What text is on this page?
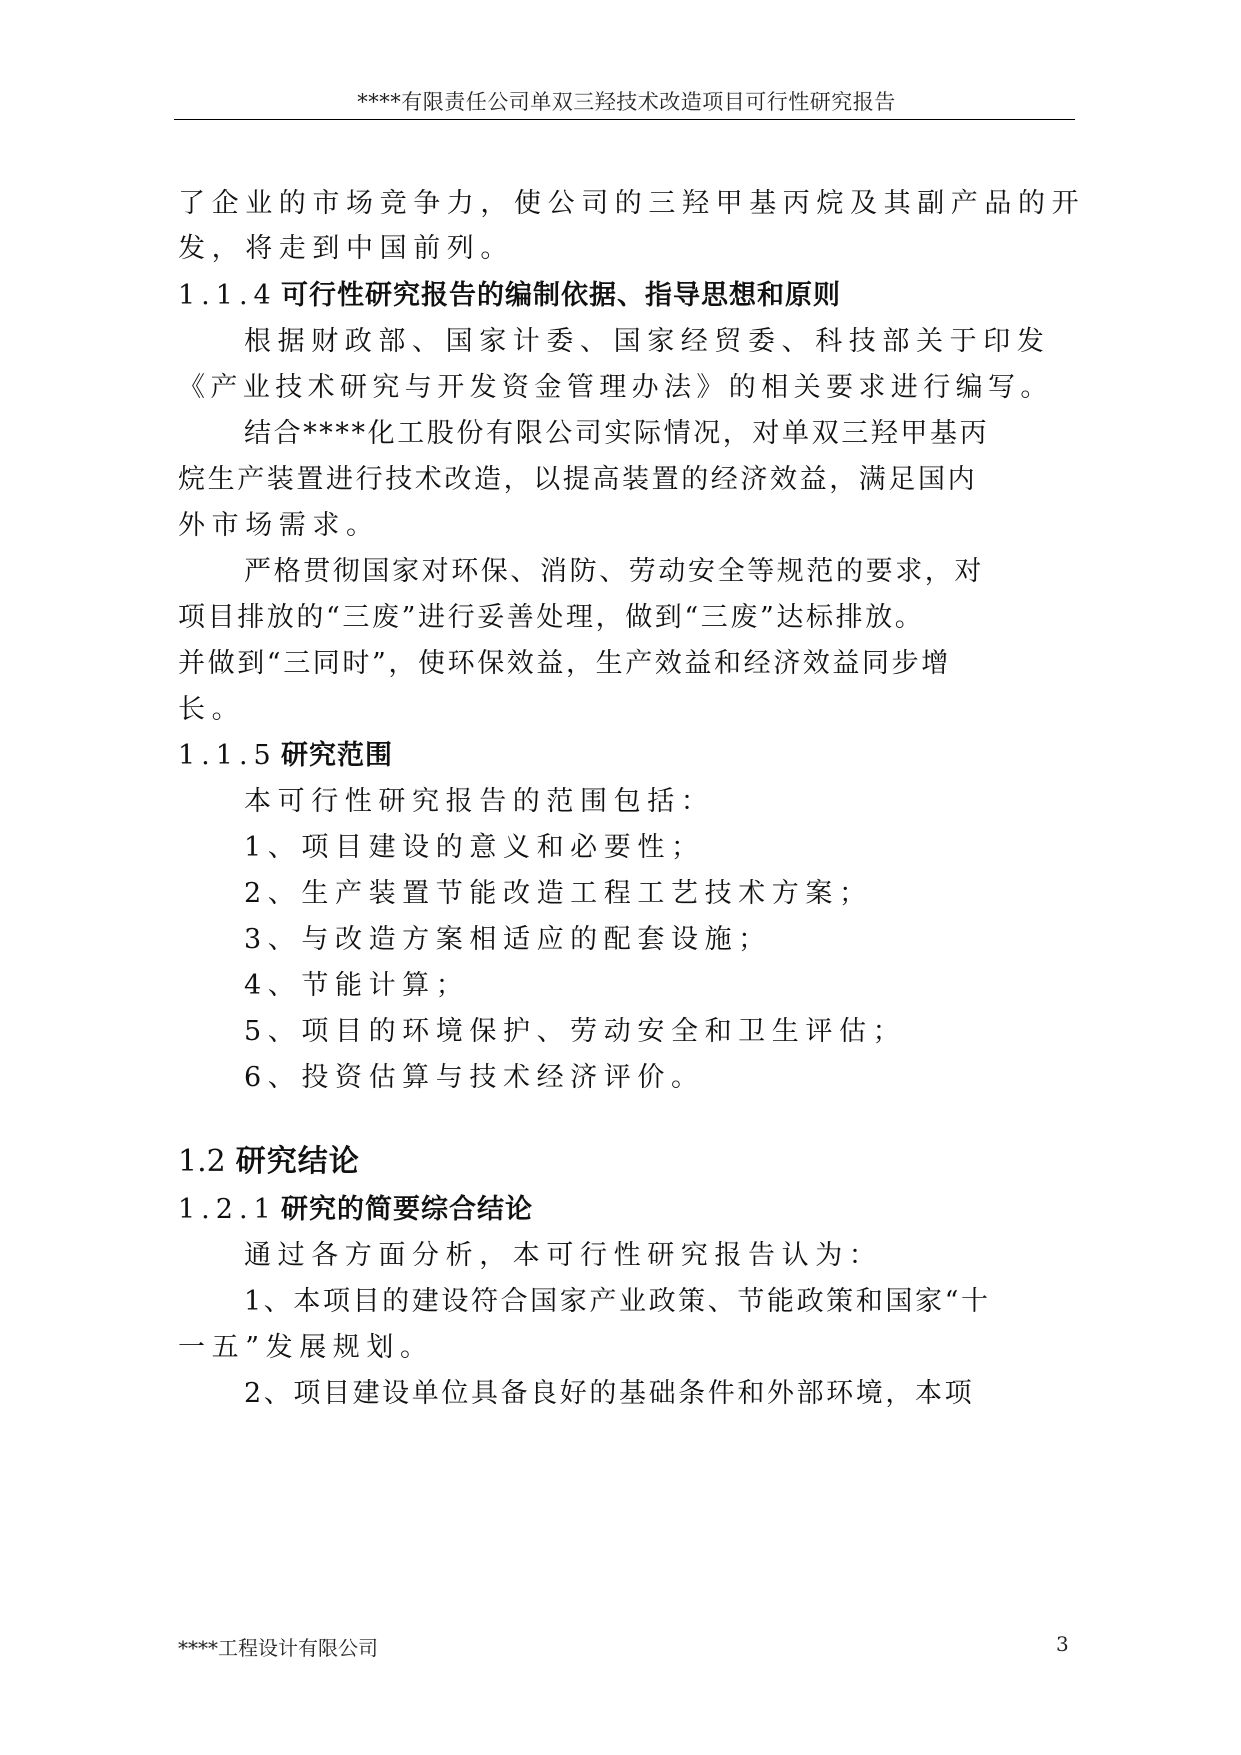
****有限责任公司单双三羟技术改造项目可行性研究报告
了企业的市场竞争力，使公司的三羟甲基丙烷及其副产品的开
发，将走到中国前列。
1.1.4 可行性研究报告的编制依据、指导思想和原则
根据财政部、国家计委、国家经贸委、科技部关于印发
《产业技术研究与开发资金管理办法》的相关要求进行编写。
结合****化工股份有限公司实际情况，对单双三羟甲基丙
烷生产装置进行技术改造，以提高装置的经济效益，满足国内
外市场需求。
严格贯彻国家对环保、消防、劳动安全等规范的要求，对
项目排放的“三废”进行妥善处理，做到“三废”达标排放。
并做到“三同时”，使环保效益，生产效益和经济效益同步增
长。
1.1.5 研究范围
本可行性研究报告的范围包括：
1、项目建设的意义和必要性；
2、生产装置节能改造工程工艺技术方案；
3、与改造方案相适应的配套设施；
4、节能计算；
5、项目的环境保护、劳动安全和卫生评估；
6、投资估算与技术经济评价。
1.2 研究结论
1.2.1 研究的简要综合结论
通过各方面分析，本可行性研究报告认为：
1、本项目的建设符合国家产业政策、节能政策和国家“十
一五”发展规划。
2、项目建设单位具备良好的基础条件和外部环境，本项
****工程设计有限公司	3
